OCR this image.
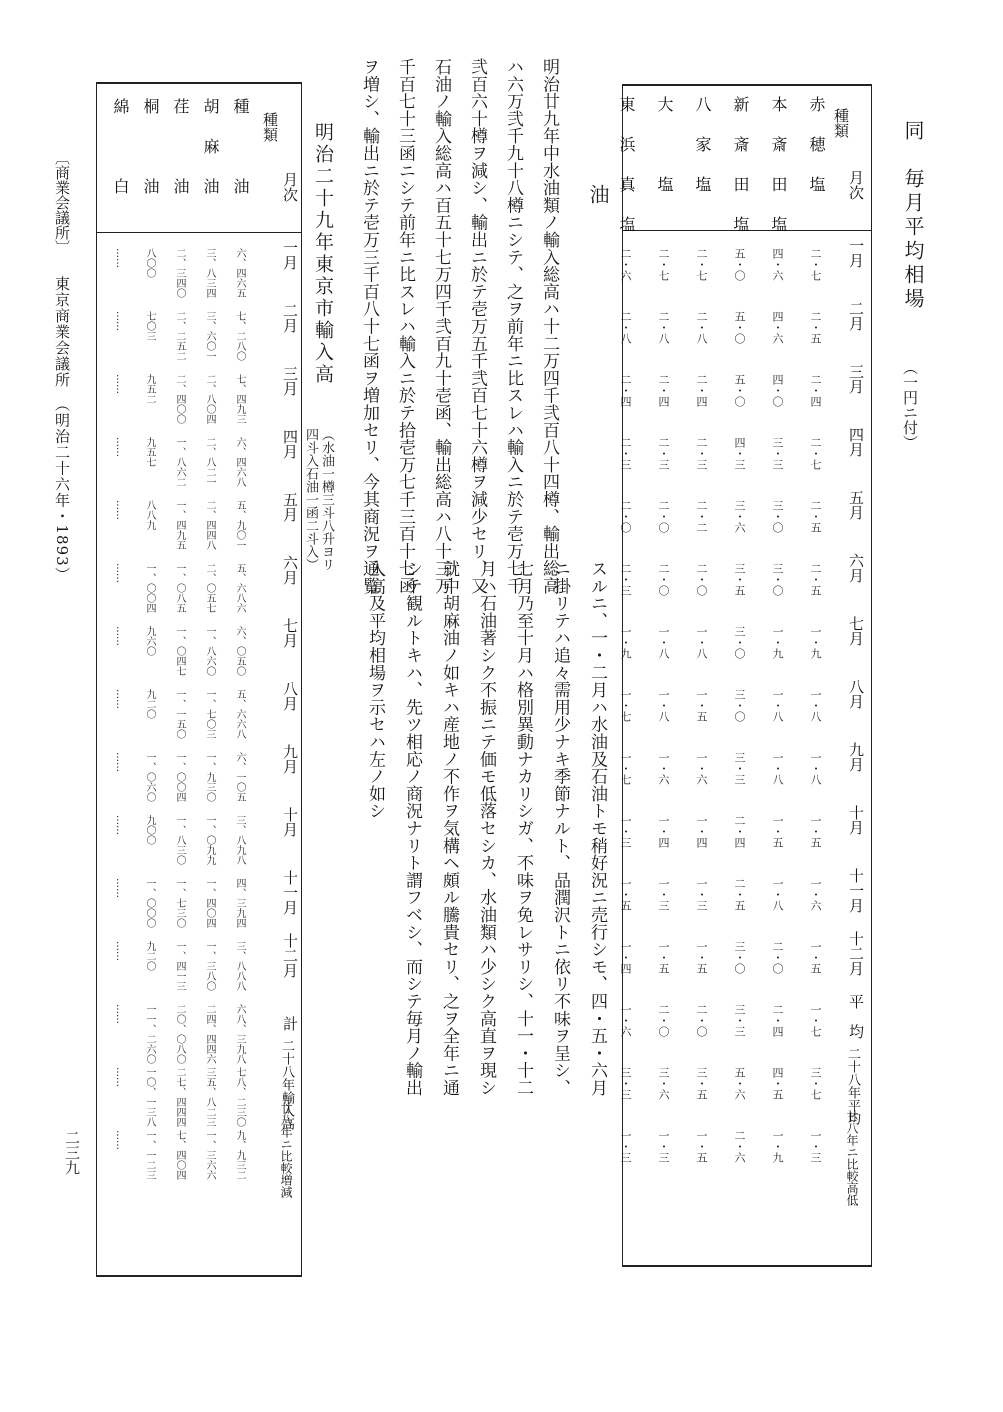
同　毎月平均相場
（一円ニ付）
種類
月次
一月
二月
三月
四月
五月
六月
七月
八月
九月
十月
十一月
十二月
平　均
二十八年平均
廿八年ニ比較高低
赤　穂　塩
二・七
二・五
二・四
二・七
二・五
二・五
一・九
一・八
一・八
一・五
一・六
一・五
一・七
三・七
一・三
本　斎　田　塩
四・六
四・六
四・〇
三・三
三・〇
三・〇
一・九
一・八
一・八
一・五
一・八
二・〇
二・四
四・五
一・九
新　斎　田　塩
五・〇
五・〇
五・〇
四・三
三・六
三・五
三・〇
三・〇
三・三
二・四
二・五
三・〇
三・三
五・六
二・六
八　家　塩
二・七
二・八
二・四
二・三
二・二
二・〇
一・八
一・五
一・六
一・四
一・三
一・五
二・〇
三・五
一・五
大　　　塩
二・七
二・八
二・四
二・三
二・〇
二・〇
一・八
一・八
一・六
一・四
一・三
一・五
二・〇
三・六
一・三
東　浜　真　塩
二・六
二・八
二・四
二・三
二・〇
二・三
一・九
一・七
一・七
一・三
一・五
一・四
一・六
三・三
一・三
油
スルニ、一・二月ハ水油及石油トモ稍好況ニ売行シモ、四・五・六月
ニ掛リテハ追々需用少ナキ季節ナルト、品潤沢トニ依リ不味ヲ呈シ、
七月乃至十月ハ格別異動ナカリシガ、不味ヲ免レサリシ、十一・十二
月ハ石油著シク不振ニテ価モ低落セシカ、水油類ハ少シク高直ヲ現シ
就中胡麻油ノ如キハ産地ノ不作ヲ気構ヘ頗ル騰貴セリ、之ヲ全年ニ通
シテ観ルトキハ、先ツ相応ノ商況ナリト謂フベシ、而シテ毎月ノ輸出
入高及平均相場ヲ示セハ左ノ如シ
明治廿九年中水油類ノ輸入総高ハ十二万四千弐百八十四樽、輸出総高
ハ六万弐千九十八樽ニシテ、之ヲ前年ニ比スレハ輸入ニ於テ壱万七千
弐百六十樽ヲ減シ、輸出ニ於テ壱万五千弐百七十六樽ヲ減少セリ、又
石油ノ輸入総高ハ百五十七万四千弐百九十壱函、輸出総高ハ八十三万
千百七十三函ニシテ前年ニ比スレハ輸入ニ於テ拾壱万七千三百十七函
ヲ増シ、輸出ニ於テ壱万三千百八十七函ヲ増加セリ、今其商況ヲ通覧
明治二十九年東京市輸入高
（水油一樽三斗八升ヨリ
四斗入石油一函二斗入）
種類
月次
一月
二月
三月
四月
五月
六月
七月
八月
九月
十月
十一月
十二月
計
二十八年輸入高
廿八年ニ比較増減
種　　　油
六、四六五
七、二八〇
七、四九三
六、四六八
五、九〇一
五、六八六
六、〇五〇
五、六六八
六、一〇五
三、八九八
四、三九四
三、八八八
六八、三九八
七八、二三〇
九、九三二
胡　麻　油
三、八三四
三、六〇一
二、八〇四
二、八二一
二、四四八
二、〇五七
一、八六〇
一、七〇三
一、九三〇
一、〇九九
一、四〇四
一、三八〇
二四、四四六
三五、八二三
一、三六六
荏　　　油
二、三四〇
二、二五二
二、四〇〇
一、八六二
一、四九五
一、〇八五
一、〇四七
一、一五〇
一、〇〇四
一、八三〇
一、七三〇
一、四一三
二〇、〇八〇
二七、四四四
七、四〇四
桐　　　油
八〇〇
七〇三
九五二
九五七
八八九
一、〇〇四
九六〇
九二〇
一、〇六〇
九〇〇
一、〇〇〇
九二〇
一一、二六〇
一〇、一三八
一、一二三
綿　　　白
……
……
……
……
……
……
……
……
……
……
……
……
……
……
……
〔商業会議所〕
東京商業会議所　（明治二十六年・1893）
二三九
